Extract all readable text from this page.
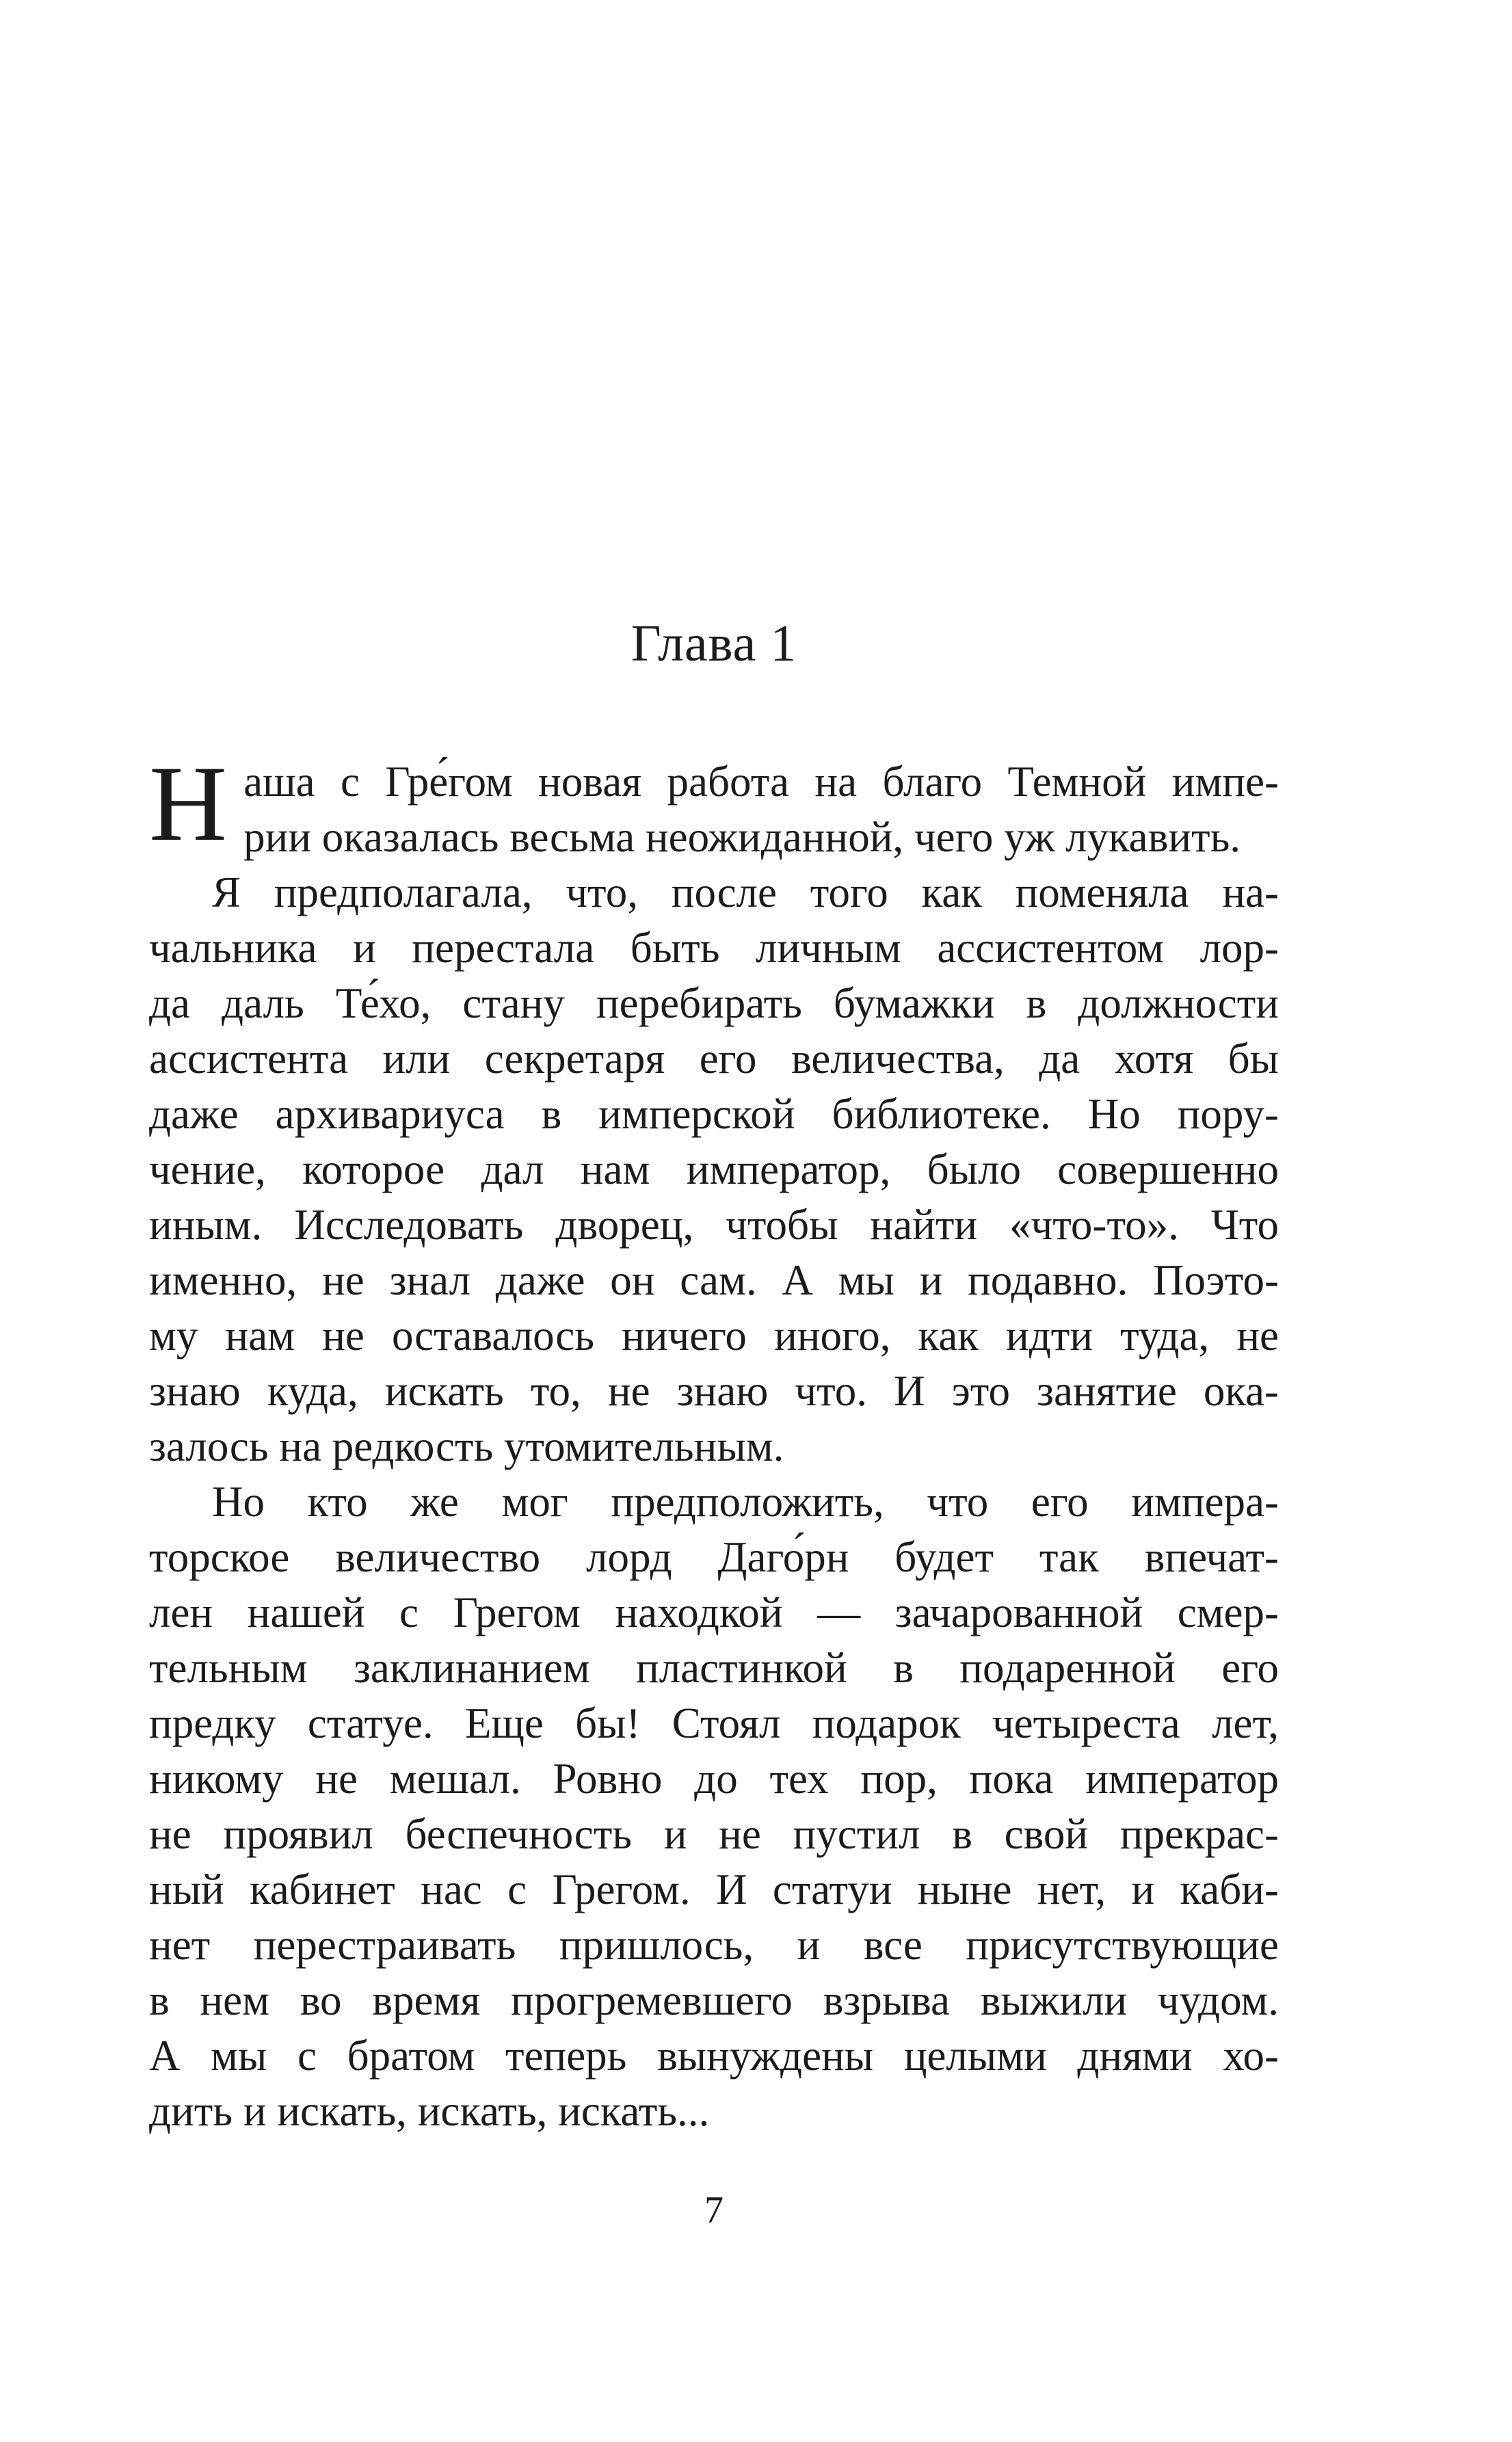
Глава 1
Н аша с Гре́гом новая работа на благо Темной импе-
рии оказалась весьма неожиданной, чего уж лукавить.
Я предполагала, что, после того как поменяла на-
чальника и перестала быть личным ассистентом лор-
да даль Те́хо, стану перебирать бумажки в должности
ассистента или секретаря его величества, да хотя бы
даже архивариуса в имперской библиотеке. Но пору-
чение, которое дал нам император, было совершенно
иным. Исследовать дворец, чтобы найти «что-то». Что
именно, не знал даже он сам. А мы и подавно. Поэто-
му нам не оставалось ничего иного, как идти туда, не
знаю куда, искать то, не знаю что. И это занятие ока-
залось на редкость утомительным.
Но кто же мог предположить, что его импера-
торское величество лорд Даго́рн будет так впечат-
лен нашей с Грегом находкой — зачарованной смер-
тельным заклинанием пластинкой в подаренной его
предку статуе. Еще бы! Стоял подарок четыреста лет,
никому не мешал. Ровно до тех пор, пока император
не проявил беспечность и не пустил в свой прекрас-
ный кабинет нас с Грегом. И статуи ныне нет, и каби-
нет перестраивать пришлось, и все присутствующие
в нем во время прогремевшего взрыва выжили чудом.
А мы с братом теперь вынуждены целыми днями хо-
дить и искать, искать, искать...
7
